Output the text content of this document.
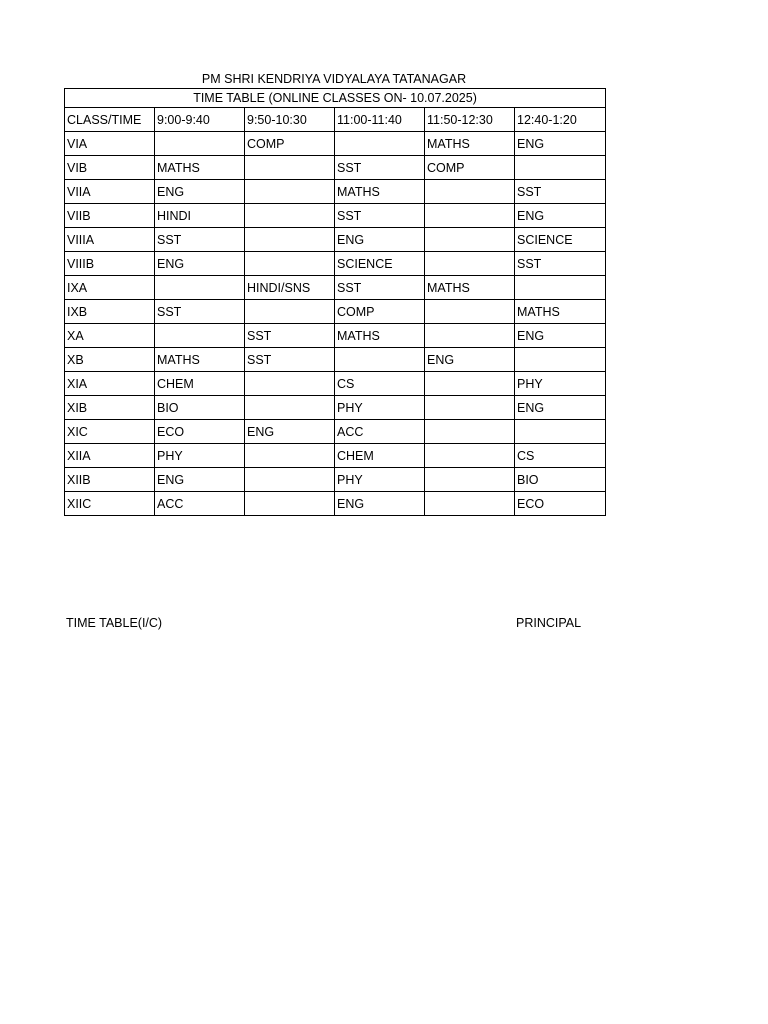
PM SHRI KENDRIYA VIDYALAYA TATANAGAR
TIME TABLE (ONLINE CLASSES ON- 10.07.2025)					
CLASS/TIME	9:00-9:40	9:50-10:30	11:00-11:40	11:50-12:30	12:40-1:20
VIA		COMP		MATHS	ENG
VIB	MATHS		SST	COMP	
VIIA	ENG		MATHS		SST
VIIB	HINDI		SST		ENG
VIIIA	SST		ENG		SCIENCE
VIIIB	ENG		SCIENCE		SST
IXA		HINDI/SNS	SST	MATHS	
IXB	SST		COMP		MATHS
XA		SST	MATHS		ENG
XB	MATHS	SST		ENG	
XIA	CHEM		CS		PHY
XIB	BIO		PHY		ENG
XIC	ECO	ENG	ACC		
XIIA	PHY		CHEM		CS
XIIB	ENG		PHY		BIO
XIIC	ACC		ENG		ECO
TIME TABLE(I/C)	PRINCIPAL
